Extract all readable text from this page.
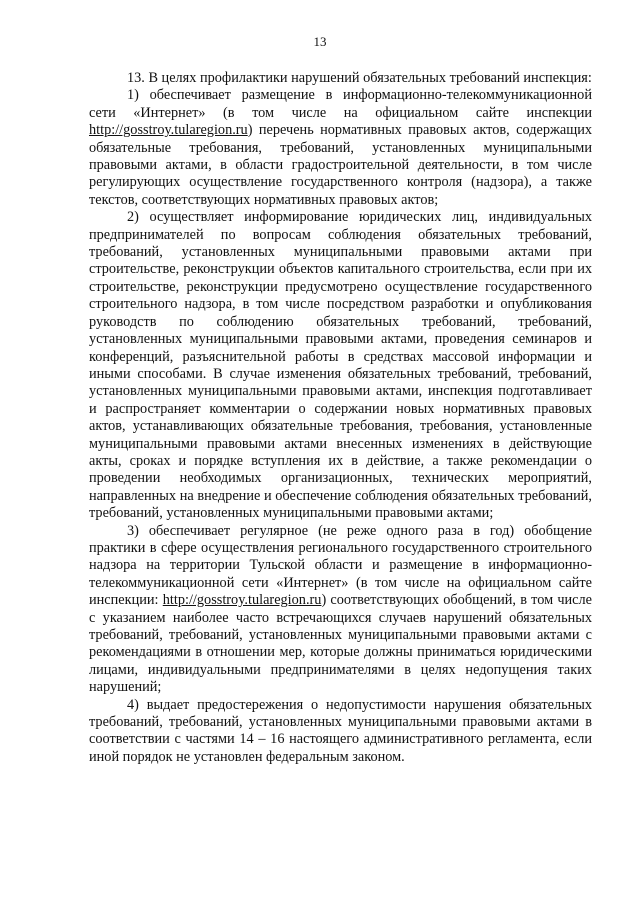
13

13. В целях профилактики нарушений обязательных требований инспекция:

1) обеспечивает размещение в информационно-телекоммуникационной сети «Интернет» (в том числе на официальном сайте инспекции http://gosstroy.tularegion.ru) перечень нормативных правовых актов, содержащих обязательные требования, требований, установленных муниципальными правовыми актами, в области градостроительной деятельности, в том числе регулирующих осуществление государственного контроля (надзора), а также текстов, соответствующих нормативных правовых актов;

2) осуществляет информирование юридических лиц, индивидуальных предпринимателей по вопросам соблюдения обязательных требований, требований, установленных муниципальными правовыми актами при строительстве, реконструкции объектов капитального строительства, если при их строительстве, реконструкции предусмотрено осуществление государственного строительного надзора, в том числе посредством разработки и опубликования руководств по соблюдению обязательных требований, требований, установленных муниципальными правовыми актами, проведения семинаров и конференций, разъяснительной работы в средствах массовой информации и иными способами. В случае изменения обязательных требований, требований, установленных муниципальными правовыми актами, инспекция подготавливает и распространяет комментарии о содержании новых нормативных правовых актов, устанавливающих обязательные требования, требования, установленные муниципальными правовыми актами внесенных изменениях в действующие акты, сроках и порядке вступления их в действие, а также рекомендации о проведении необходимых организационных, технических мероприятий, направленных на внедрение и обеспечение соблюдения обязательных требований, требований, установленных муниципальными правовыми актами;

3) обеспечивает регулярное (не реже одного раза в год) обобщение практики в сфере осуществления регионального государственного строительного надзора на территории Тульской области и размещение в информационно-телекоммуникационной сети «Интернет» (в том числе на официальном сайте инспекции: http://gosstroy.tularegion.ru) соответствующих обобщений, в том числе с указанием наиболее часто встречающихся случаев нарушений обязательных требований, требований, установленных муниципальными правовыми актами с рекомендациями в отношении мер, которые должны приниматься юридическими лицами, индивидуальными предпринимателями в целях недопущения таких нарушений;

4) выдает предостережения о недопустимости нарушения обязательных требований, требований, установленных муниципальными правовыми актами в соответствии с частями 14 – 16 настоящего административного регламента, если иной порядок не установлен федеральным законом.
